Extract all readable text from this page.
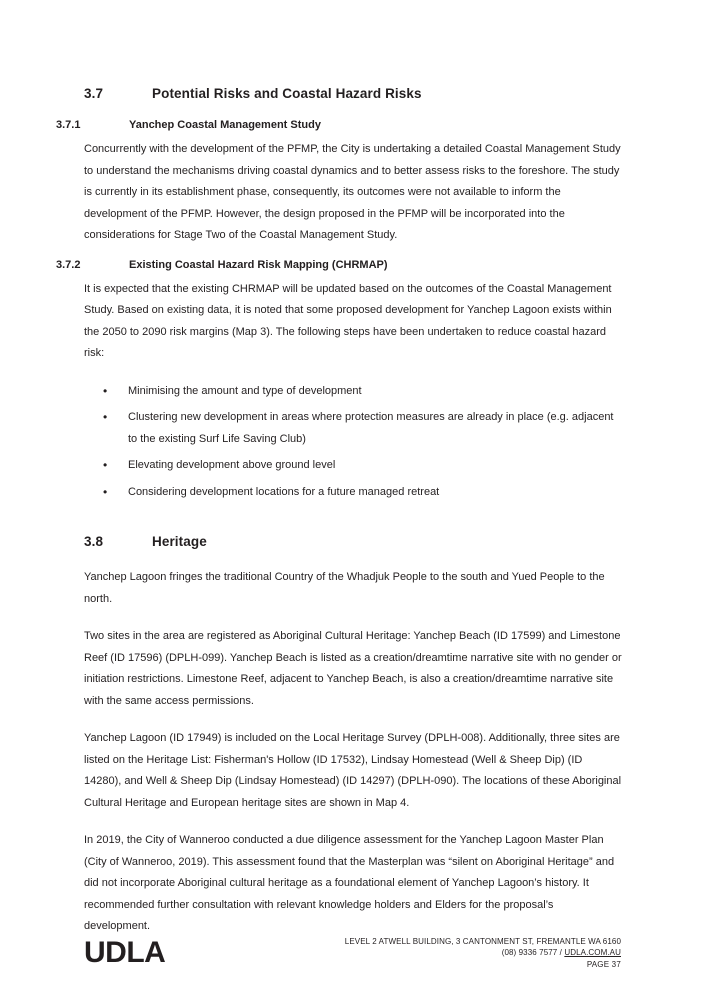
3.7	Potential Risks and Coastal Hazard Risks
3.7.1	Yanchep Coastal Management Study

Concurrently with the development of the PFMP, the City is undertaking a detailed Coastal Management Study to understand the mechanisms driving coastal dynamics and to better assess risks to the foreshore. The study is currently in its establishment phase, consequently, its outcomes were not available to inform the development of the PFMP. However, the design proposed in the PFMP will be incorporated into the considerations for Stage Two of the Coastal Management Study.

3.7.2	Existing Coastal Hazard Risk Mapping (CHRMAP)

It is expected that the existing CHRMAP will be updated based on the outcomes of the Coastal Management Study. Based on existing data, it is noted that some proposed development for Yanchep Lagoon exists within the 2050 to 2090 risk margins (Map 3). The following steps have been undertaken to reduce coastal hazard risk:

• Minimising the amount and type of development
• Clustering new development in areas where protection measures are already in place (e.g. adjacent to the existing Surf Life Saving Club)
• Elevating development above ground level
• Considering development locations for a future managed retreat
3.8	Heritage

Yanchep Lagoon fringes the traditional Country of the Whadjuk People to the south and Yued People to the north.

Two sites in the area are registered as Aboriginal Cultural Heritage: Yanchep Beach (ID 17599) and Limestone Reef (ID 17596) (DPLH-099). Yanchep Beach is listed as a creation/dreamtime narrative site with no gender or initiation restrictions. Limestone Reef, adjacent to Yanchep Beach, is also a creation/dreamtime narrative site with the same access permissions.

Yanchep Lagoon (ID 17949) is included on the Local Heritage Survey (DPLH-008). Additionally, three sites are listed on the Heritage List: Fisherman's Hollow (ID 17532), Lindsay Homestead (Well & Sheep Dip) (ID 14280), and Well & Sheep Dip (Lindsay Homestead) (ID 14297) (DPLH-090). The locations of these Aboriginal Cultural Heritage and European heritage sites are shown in Map 4.

In 2019, the City of Wanneroo conducted a due diligence assessment for the Yanchep Lagoon Master Plan (City of Wanneroo, 2019). This assessment found that the Masterplan was “silent on Aboriginal Heritage” and did not incorporate Aboriginal cultural heritage as a foundational element of Yanchep Lagoon’s history. It recommended further consultation with relevant knowledge holders and Elders for the proposal’s development.

UDLA	LEVEL 2 ATWELL BUILDING, 3 CANTONMENT ST, FREMANTLE WA 6160
(08) 9336 7577 / UDLA.COM.AU
PAGE 37
